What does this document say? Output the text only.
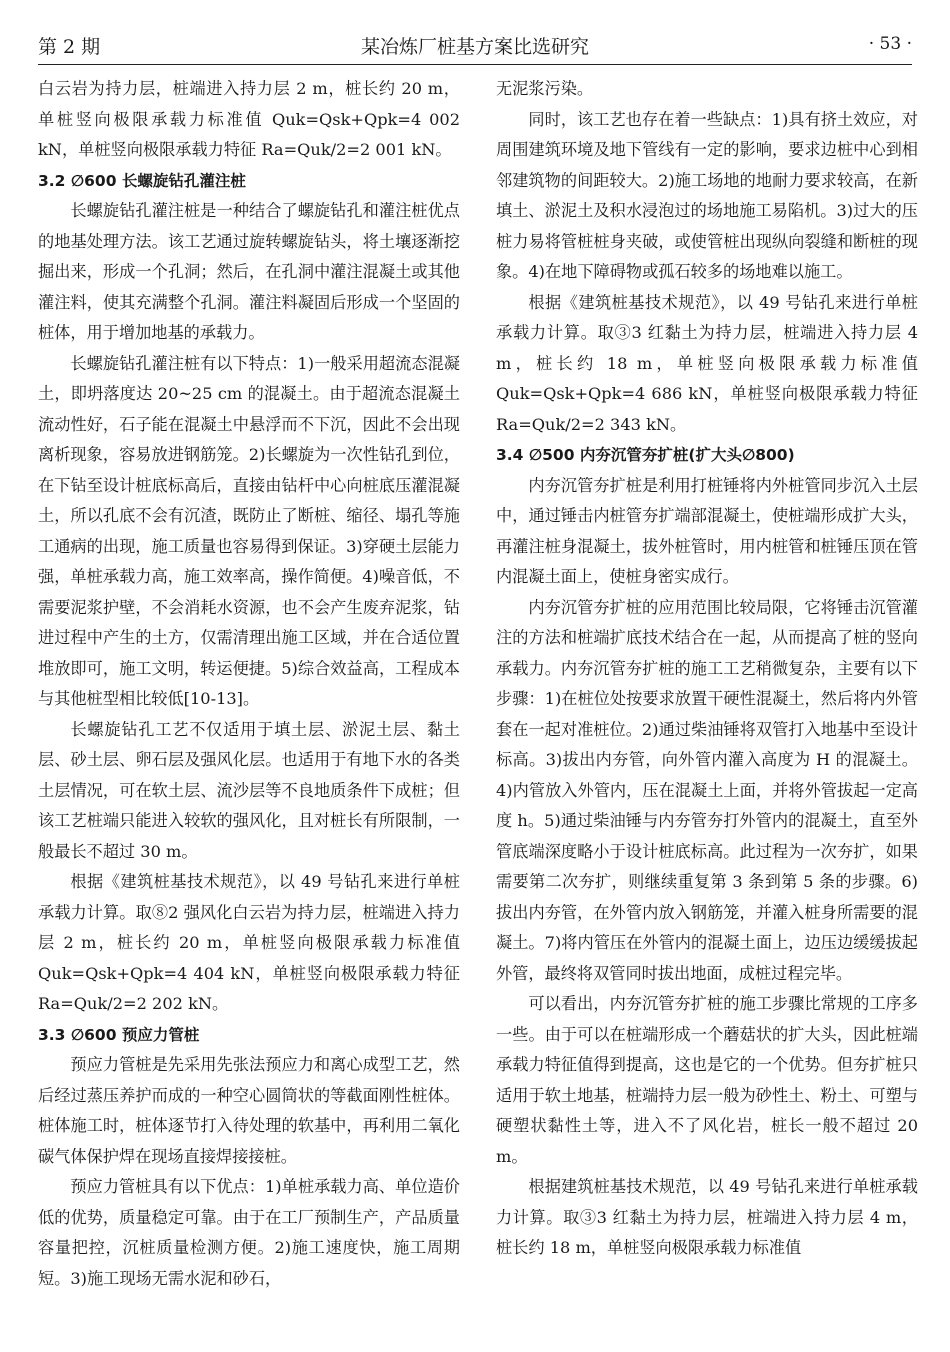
第 2 期	某冶炼厂桩基方案比选研究	· 53 ·

白云岩为持力层，桩端进入持力层 2 m，桩长约 20 m，单桩竖向极限承载力标准值 Quk=Qsk+Qpk=4 002 kN，单桩竖向极限承载力特征 Ra=Quk/2=2 001 kN。

3.2 ∅600 长螺旋钻孔灌注桩

长螺旋钻孔灌注桩是一种结合了螺旋钻孔和灌注桩优点的地基处理方法。该工艺通过旋转螺旋钻头，将土壤逐渐挖掘出来，形成一个孔洞；然后，在孔洞中灌注混凝土或其他灌注料，使其充满整个孔洞。灌注料凝固后形成一个坚固的桩体，用于增加地基的承载力。

长螺旋钻孔灌注桩有以下特点：1)一般采用超流态混凝土，即坍落度达 20~25 cm 的混凝土。由于超流态混凝土流动性好，石子能在混凝土中悬浮而不下沉，因此不会出现离析现象，容易放进钢筋笼。2)长螺旋为一次性钻孔到位，在下钻至设计桩底标高后，直接由钻杆中心向桩底压灌混凝土，所以孔底不会有沉渣，既防止了断桩、缩径、塌孔等施工通病的出现，施工质量也容易得到保证。3)穿硬土层能力强，单桩承载力高，施工效率高，操作简便。4)噪音低，不需要泥浆护壁，不会消耗水资源，也不会产生废弃泥浆，钻进过程中产生的土方，仅需清理出施工区域，并在合适位置堆放即可，施工文明，转运便捷。5)综合效益高，工程成本与其他桩型相比较低[10-13]。

长螺旋钻孔工艺不仅适用于填土层、淤泥土层、黏土层、砂土层、卵石层及强风化层。也适用于有地下水的各类土层情况，可在软土层、流沙层等不良地质条件下成桩；但该工艺桩端只能进入较软的强风化，且对桩长有所限制，一般最长不超过 30 m。

根据《建筑桩基技术规范》，以 49 号钻孔来进行单桩承载力计算。取⑧2 强风化白云岩为持力层，桩端进入持力层 2 m，桩长约 20 m，单桩竖向极限承载力标准值 Quk=Qsk+Qpk=4 404 kN，单桩竖向极限承载力特征 Ra=Quk/2=2 202 kN。

3.3 ∅600 预应力管桩

预应力管桩是先采用先张法预应力和离心成型工艺，然后经过蒸压养护而成的一种空心圆筒状的等截面刚性桩体。桩体施工时，桩体逐节打入待处理的软基中，再利用二氧化碳气体保护焊在现场直接焊接接桩。

预应力管桩具有以下优点：1)单桩承载力高、单位造价低的优势，质量稳定可靠。由于在工厂预制生产，产品质量容量把控，沉桩质量检测方便。2)施工速度快，施工周期短。3)施工现场无需水泥和砂石，

无泥浆污染。

同时，该工艺也存在着一些缺点：1)具有挤土效应，对周围建筑环境及地下管线有一定的影响，要求边桩中心到相邻建筑物的间距较大。2)施工场地的地耐力要求较高，在新填土、淤泥土及积水浸泡过的场地施工易陷机。3)过大的压桩力易将管桩桩身夹破，或使管桩出现纵向裂缝和断桩的现象。4)在地下障碍物或孤石较多的场地难以施工。

根据《建筑桩基技术规范》，以 49 号钻孔来进行单桩承载力计算。取③3 红黏土为持力层，桩端进入持力层 4 m，桩长约 18 m，单桩竖向极限承载力标准值 Quk=Qsk+Qpk=4 686 kN，单桩竖向极限承载力特征 Ra=Quk/2=2 343 kN。

3.4 ∅500 内夯沉管夯扩桩(扩大头∅800)

内夯沉管夯扩桩是利用打桩锤将内外桩管同步沉入土层中，通过锤击内桩管夯扩端部混凝土，使桩端形成扩大头，再灌注桩身混凝土，拔外桩管时，用内桩管和桩锤压顶在管内混凝土面上，使桩身密实成行。

内夯沉管夯扩桩的应用范围比较局限，它将锤击沉管灌注的方法和桩端扩底技术结合在一起，从而提高了桩的竖向承载力。内夯沉管夯扩桩的施工工艺稍微复杂，主要有以下步骤：1)在桩位处按要求放置干硬性混凝土，然后将内外管套在一起对准桩位。2)通过柴油锤将双管打入地基中至设计标高。3)拔出内夯管，向外管内灌入高度为 H 的混凝土。4)内管放入外管内，压在混凝土上面，并将外管拔起一定高度 h。5)通过柴油锤与内夯管夯打外管内的混凝土，直至外管底端深度略小于设计桩底标高。此过程为一次夯扩，如果需要第二次夯扩，则继续重复第 3 条到第 5 条的步骤。6)拔出内夯管，在外管内放入钢筋笼，并灌入桩身所需要的混凝土。7)将内管压在外管内的混凝土面上，边压边缓缓拔起外管，最终将双管同时拔出地面，成桩过程完毕。

可以看出，内夯沉管夯扩桩的施工步骤比常规的工序多一些。由于可以在桩端形成一个蘑菇状的扩大头，因此桩端承载力特征值得到提高，这也是它的一个优势。但夯扩桩只适用于软土地基，桩端持力层一般为砂性土、粉土、可塑与硬塑状黏性土等，进入不了风化岩，桩长一般不超过 20 m。

根据建筑桩基技术规范，以 49 号钻孔来进行单桩承载力计算。取③3 红黏土为持力层，桩端进入持力层 4 m，桩长约 18 m，单桩竖向极限承载力标准值
